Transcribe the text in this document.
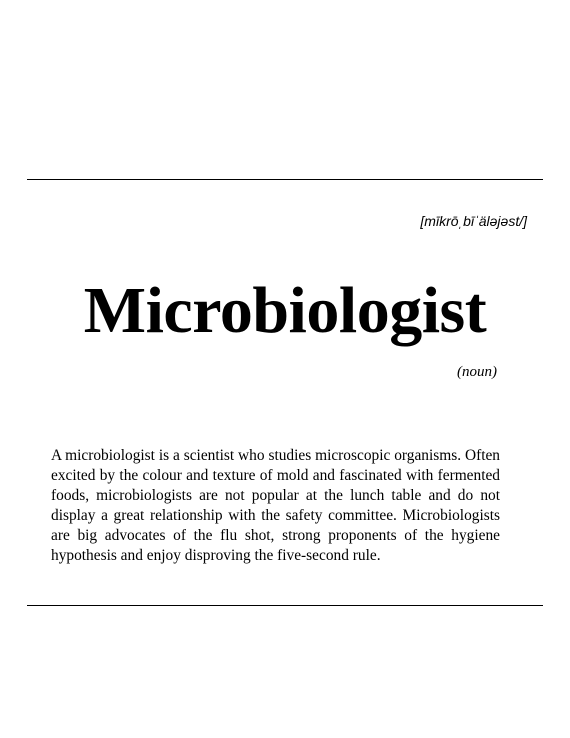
[mīkrōˌbīˈäləjəst/]
Microbiologist
(noun)

A microbiologist is a scientist who studies microscopic organisms. Often excited by the colour and texture of mold and fascinated with fermented foods, microbiologists are not popular at the lunch table and do not display a great relationship with the safety committee. Microbiologists are big advocates of the flu shot, strong proponents of the hygiene hypothesis and enjoy disproving the five-second rule.
